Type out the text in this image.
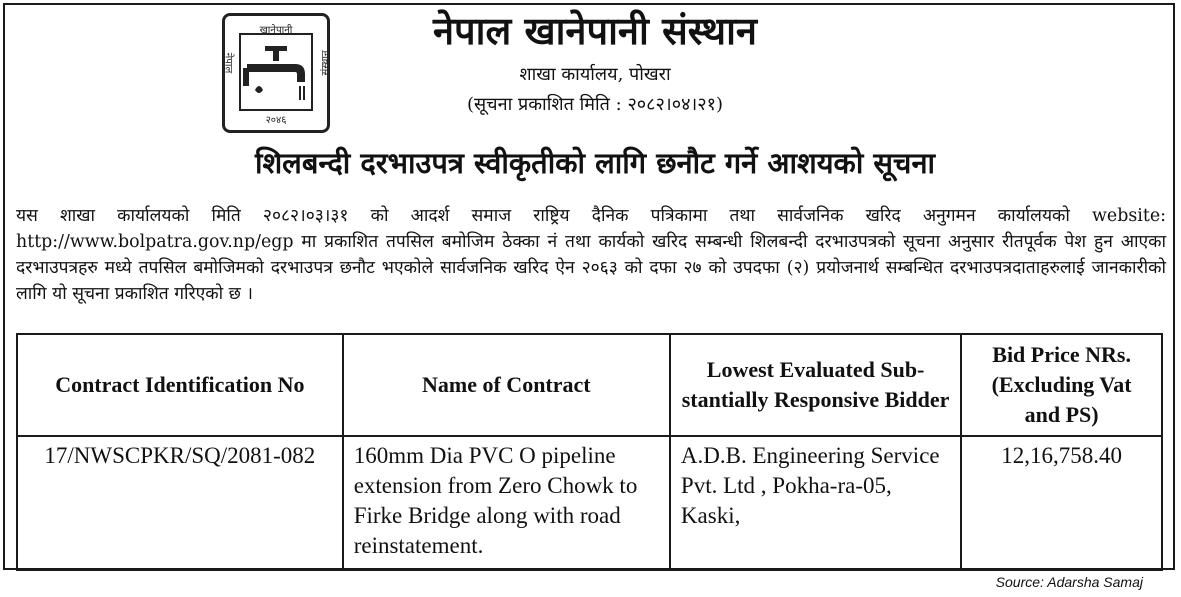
खानेपानी
नेपाल	संस्थान
२०४६
नेपाल खानेपानी संस्थान
शाखा कार्यालय, पोखरा
(सूचना प्रकाशित मिति : २०८२।०४।२१)
शिलबन्दी दरभाउपत्र स्वीकृतीको लागि छनौट गर्ने आशयको सूचना
यस शाखा कार्यालयको मिति २०८२।०३।३१ को आदर्श समाज राष्ट्रिय दैनिक पत्रिकामा तथा सार्वजनिक खरिद अनुगमन कार्यालयको website: http://www.bolpatra.gov.np/egp मा प्रकाशित तपसिल बमोजिम ठेक्का नं तथा कार्यको खरिद सम्बन्धी शिलबन्दी दरभाउपत्रको सूचना अनुसार रीतपूर्वक पेश हुन आएका दरभाउपत्रहरु मध्ये तपसिल बमोजिमको दरभाउपत्र छनौट भएकोले सार्वजनिक खरिद ऐन २०६३ को दफा २७ को उपदफा (२) प्रयोजनार्थ सम्बन्धित दरभाउपत्रदाताहरुलाई जानकारीको लागि यो सूचना प्रकाशित गरिएको छ ।
Contract Identification No	Name of Contract	Lowest Evaluated Sub-stantially Responsive Bidder	Bid Price NRs. (Excluding Vat and PS)
17/NWSCPKR/SQ/2081-082	160mm Dia PVC O pipeline extension from Zero Chowk to Firke Bridge along with road reinstatement.	A.D.B. Engineering Service Pvt. Ltd , Pokha-ra-05, Kaski,	12,16,758.40
Source: Adarsha Samaj
